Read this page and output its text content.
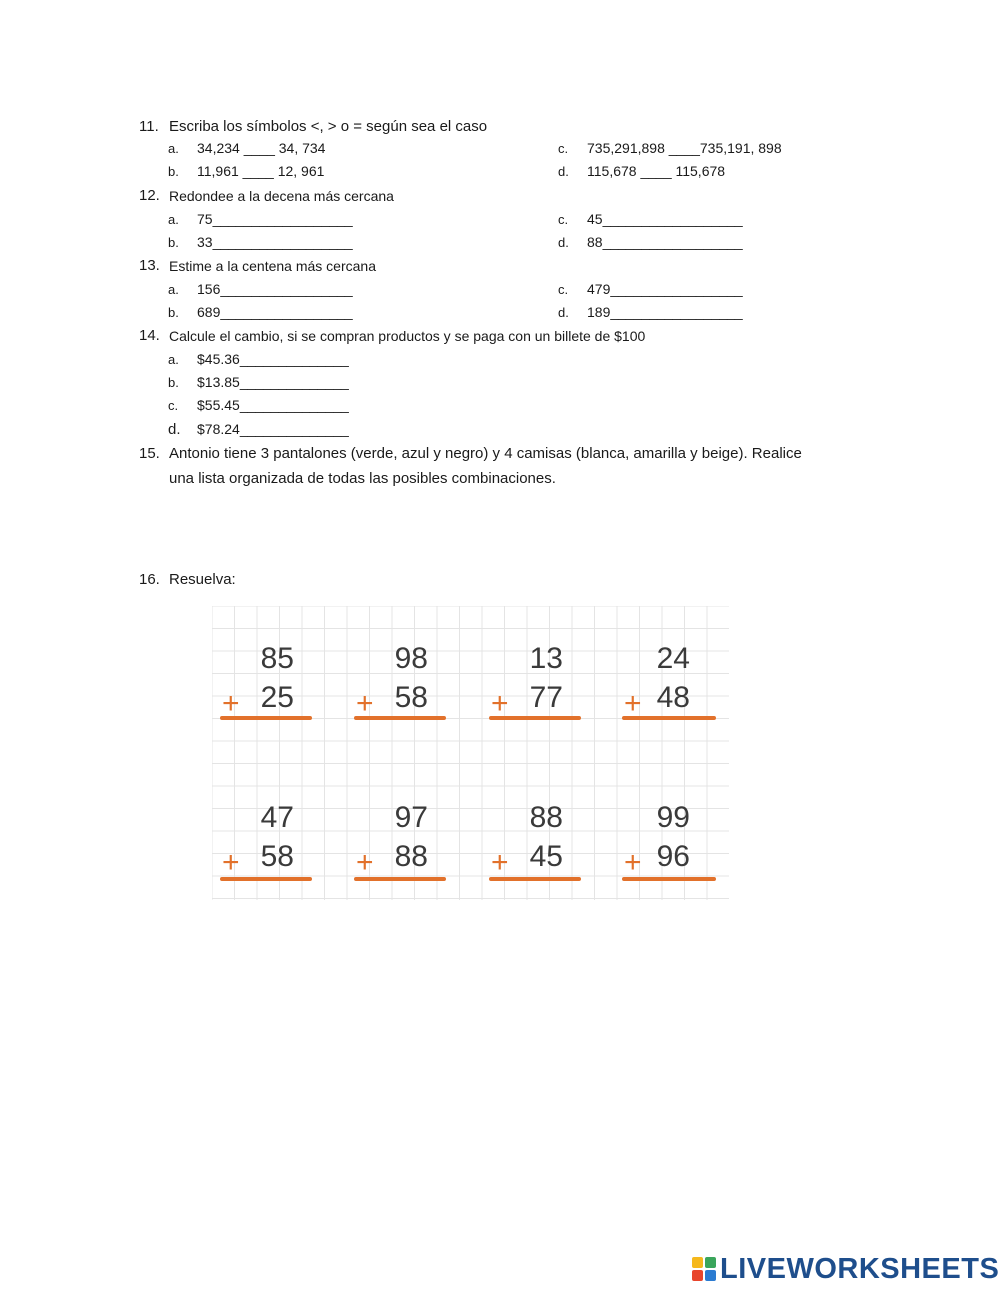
11. Escriba los símbolos <, > o = según sea el caso
a. 34,234 ____ 34, 734
b. 11,961 ____ 12, 961
c. 735,291,898 ____735,191, 898
d. 115,678 ____ 115,678
12. Redondee a la decena más cercana
a. 75__________________
b. 33__________________
c. 45__________________
d. 88__________________
13. Estime a la centena más cercana
a. 156_________________
b. 689_________________
c. 479_________________
d. 189_________________
14. Calcule el cambio, si se compran productos y se paga con un billete de $100
a. $45.36______________
b. $13.85______________
c. $55.45______________
d. $78.24______________
15. Antonio tiene 3 pantalones (verde, azul y negro) y 4 camisas (blanca, amarilla y beige). Realice
una lista organizada de todas las posibles combinaciones.
16. Resuelva:
85
25
+
98
58
+
13
77
+
24
48
+
47
58
+
97
88
+
88
45
+
99
96
+
LIVEWORKSHEETS
